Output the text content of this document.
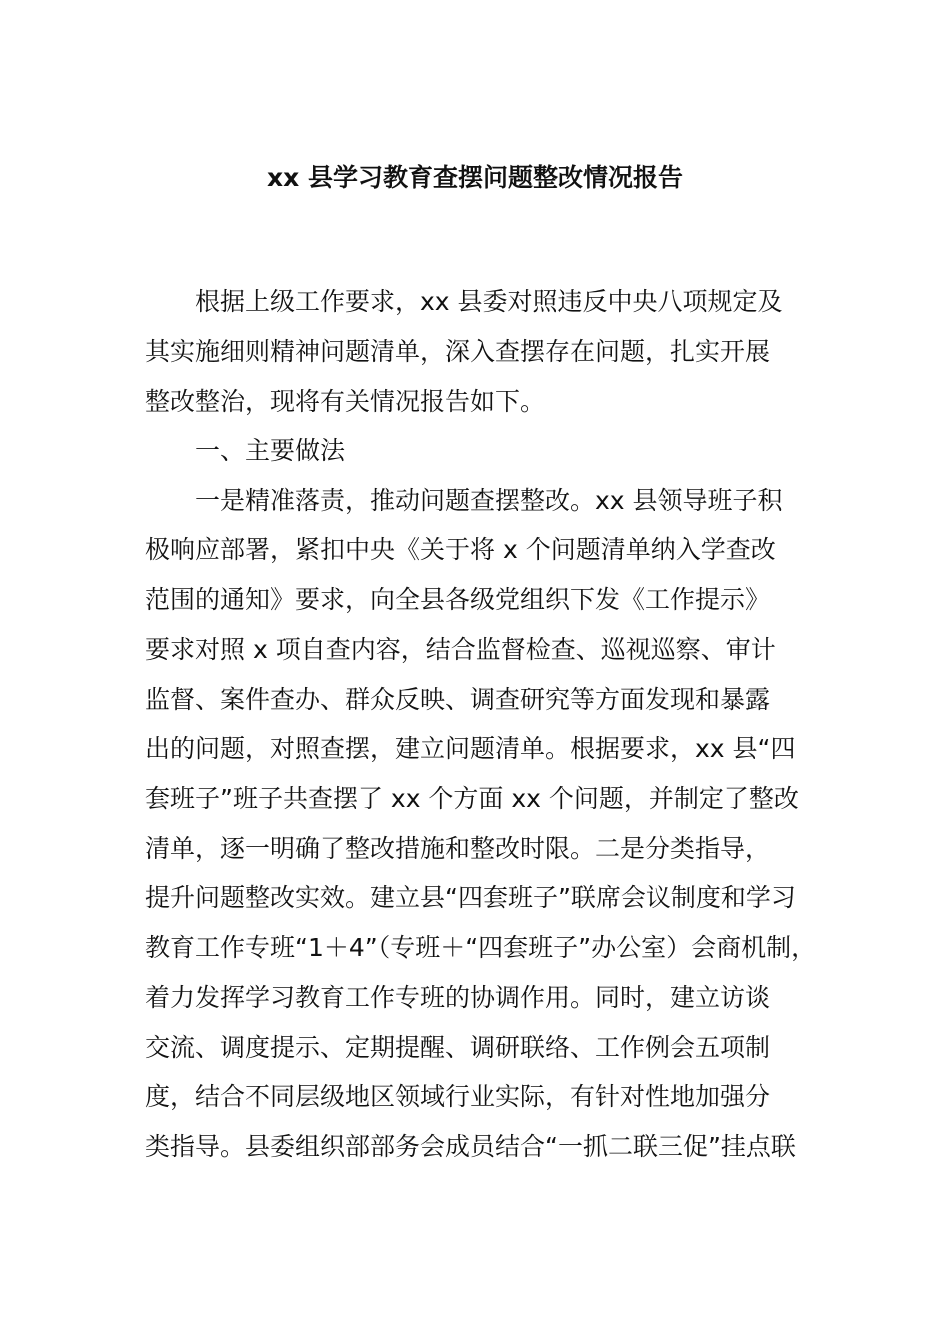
xx 县学习教育查摆问题整改情况报告
根据上级工作要求，xx 县委对照违反中央八项规定及
其实施细则精神问题清单，深入查摆存在问题，扎实开展
整改整治，现将有关情况报告如下。
一、主要做法
一是精准落责，推动问题查摆整改。xx 县领导班子积
极响应部署，紧扣中央《关于将 x 个问题清单纳入学查改
范围的通知》要求，向全县各级党组织下发《工作提示》
要求对照 x 项自查内容，结合监督检查、巡视巡察、审计
监督、案件查办、群众反映、调查研究等方面发现和暴露
出的问题，对照查摆，建立问题清单。根据要求，xx 县“四
套班子”班子共查摆了 xx 个方面 xx 个问题，并制定了整改
清单，逐一明确了整改措施和整改时限。二是分类指导，
提升问题整改实效。建立县“四套班子”联席会议制度和学习
教育工作专班“1＋4”（专班＋“四套班子”办公室）会商机制，
着力发挥学习教育工作专班的协调作用。同时，建立访谈
交流、调度提示、定期提醒、调研联络、工作例会五项制
度，结合不同层级地区领域行业实际，有针对性地加强分
类指导。县委组织部部务会成员结合“一抓二联三促”挂点联
